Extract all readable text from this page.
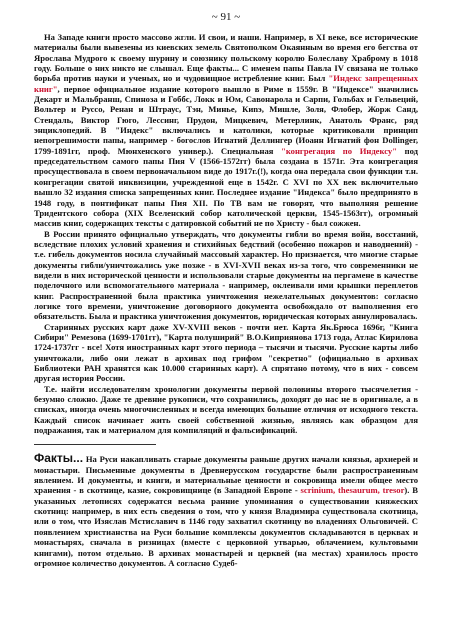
~ 91 ~

На Западе книги просто массово жгли. И свои, и наши. Например, в XI веке, все исторические материалы были вывезены из киевских земель Святополком Окаянным во время его бегства от Ярослава Мудрого к своему шурину и союзнику польскому королю Болеславу Храброму в 1018 году. Больше о них никто не слышал. Еще факты... С именем папы Павла IV связана не только борьба против науки и ученых, но и чудовищное истребление книг. Был "Индекс запрещенных книг", первое официальное издание которого вышло в Риме в 1559г. В "Индексе" значились Декарт и Мальбранш, Спиноза и Гоббс, Локк и Юм, Савонарола и Сарпи, Гольбах и Гельвеций, Вольтер и Руссо, Ренан и Штраус, Тэн, Минье, Киnэ, Мишле, Золя, Флобер, Жорж Санд, Стендаль, Виктор Гюго, Лессинг, Прудон, Мицкевич, Метерлинк, Анатоль Франс, ряд энциклопедий. В "Индекс" включались и католики, которые критиковали принцип непогрешимости папы, например - богослов Игнатий Деллингер (Иоанн Игнатий фон Dollinger, 1799-1891гг, проф. Мюнхенского универ.). Специальная "конгрегация по Индексу" под председательством самого папы Пия V (1566-1572гг) была создана в 1571г. Эта конгрегация просуществовала в своем первоначальном виде до 1917г.(!), когда она передала свои функции т.н. конгрегации святой инквизиции, учрежденной еще в 1542г. С XVI по XX век включительно вышло 32 издания списка запрещенных книг. Последнее издание "Индекса" было предпринято в 1948 году, в понтификат папы Пия XII. По ТВ вам не говорят, что выполняя решение Тридентского собора (XIX Вселенский собор католической церкви, 1545-1563гг), огромный массив книг, содержащих тексты с датировкой событий не по Христу - был сожжен.

В России принято официально утверждать, что документы гибли во время войн, восстаний, вследствие плохих условий хранения и стихийных бедствий (особенно пожаров и наводнений) - т.е. гибель документов носила случайный массовый характер. Но признается, что многие старые документы гибли/уничтожались уже позже - в XVI-XVII веках из-за того, что современники не видели в них исторической ценности и использовали старые документы на пергамене в качестве поделочного или вспомогательного материала - например, оклеивали ими крышки переплетов книг. Распространенной была практика уничтожения нежелательных документов: согласно логике того времени, уничтожение договорного документа освобождало от выполнения его обязательств. Была и практика уничтожения документов, юридическая которых аннулировалась.

Старинных русских карт даже XV-XVIII веков - почти нет. Карта Як.Брюса 1696г, "Книга Сибири" Ремезова (1699-1701гг), "Карта полуширий" В.О.Киприянова 1713 года, Атлас Кирилова 1724-1737гг - все! Хотя иностранных карт этого периода – тысячи и тысячи. Русские карты либо уничтожали, либо они лежат в архивах под грифом "секретно" (официально в архивах Библиотеки РАН хранятся как 10.000 старинных карт). А спрятано потому, что в них - совсем другая история России.

Т.е. найти исследователям хронологии документы первой половины второго тысячелетия - безумно сложно. Даже те древние рукописи, что сохранились, доходят до нас не в оригинале, а в списках, иногда очень многочисленных и всегда имеющих большие отличия от исходного текста. Каждый список начинает жить своей собственной жизнью, являясь как образцом для подражания, так и материалом для компиляций и фальсификаций.

Факты... На Руси накапливать старые документы раньше других начали князья, архиерей и монастыри. Письменные документы в Древнерусском государстве были распространенным явлением. И документы, и книги, и материальные ценности и сокровища имели общее место хранения - в скотнице, казне, сокровищнице (в Западной Европе - scrinium, thesaurum, tresor). В указанных летописях содержатся весьма ранние упоминания о существовании княжеских скотниц: например, в них есть сведения о том, что у князя Владимира существовала скотница, или о том, что Изяслав Мстиславич в 1146 году захватил скотницу во владениях Ольговичей. С появлением христианства на Руси большие комплексы документов складываются в церквах и монастырях, сначала в ризницах (вместе с церковной утварью, облачением, культовыми книгами), потом отдельно. В архивах монастырей и церквей (на местах) хранилось просто огромное количество документов. А согласно Судеб-
